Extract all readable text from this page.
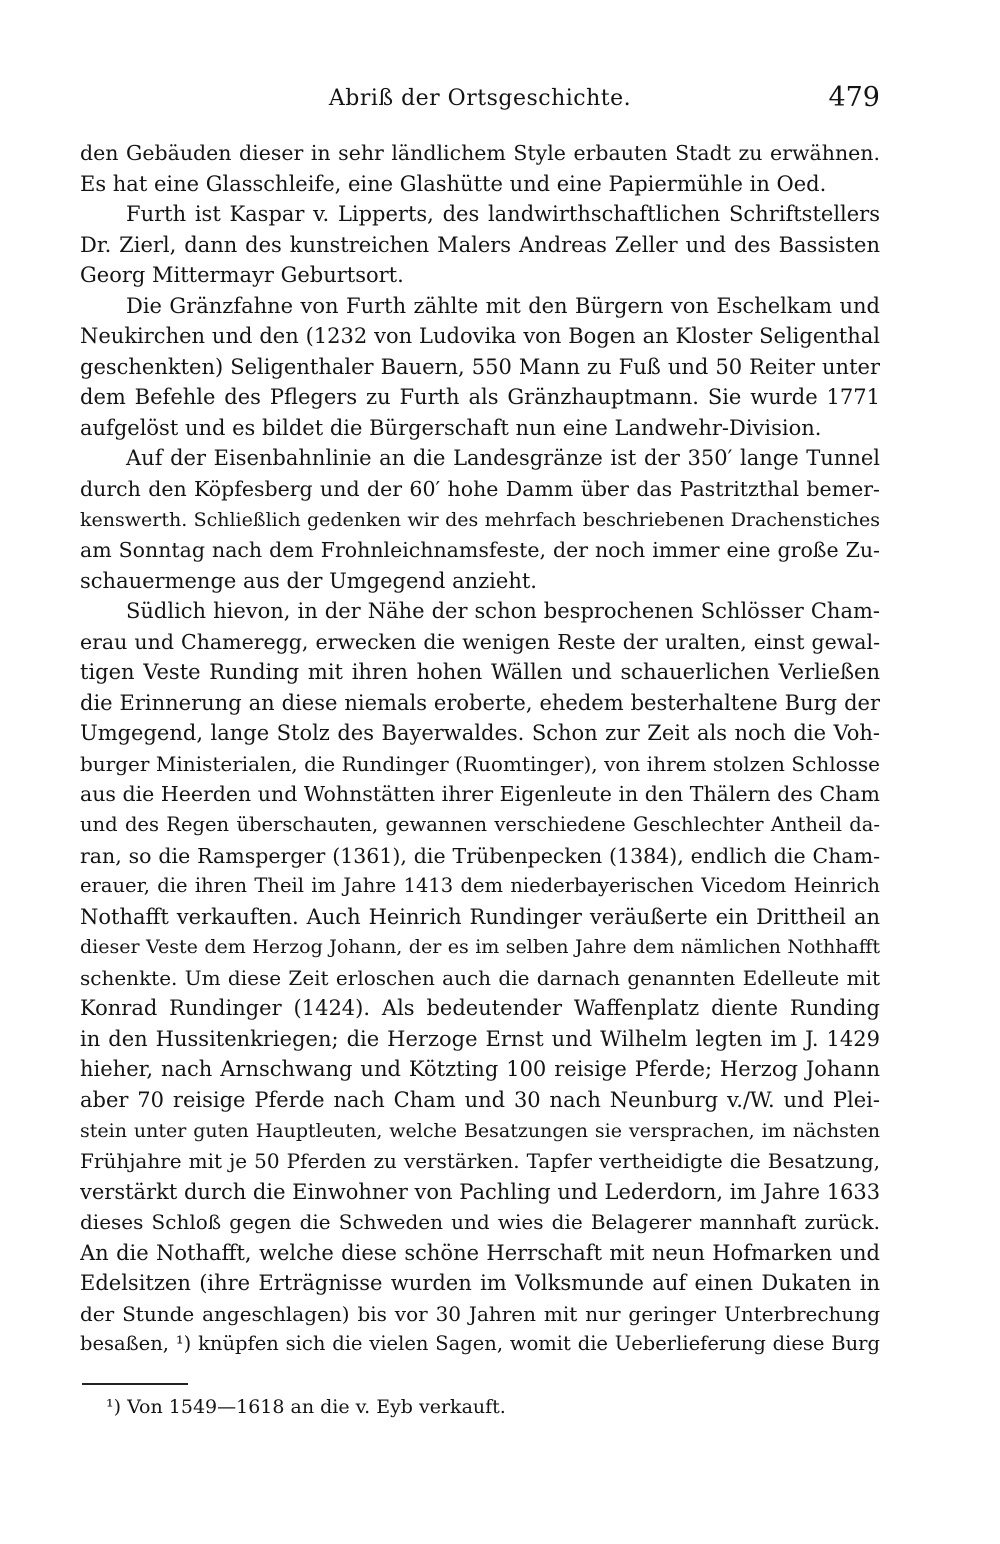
Abriß der Ortsgeschichte.	479
den Gebäuden dieser in sehr ländlichem Style erbauten Stadt zu erwähnen.
Es hat eine Glasschleife, eine Glashütte und eine Papiermühle in Oed.
Furth ist Kaspar v. Lipperts, des landwirthschaftlichen Schriftstellers
Dr. Zierl, dann des kunstreichen Malers Andreas Zeller und des Bassisten
Georg Mittermayr Geburtsort.
Die Gränzfahne von Furth zählte mit den Bürgern von Eschelkam und
Neukirchen und den (1232 von Ludovika von Bogen an Kloster Seligenthal
geschenkten) Seligenthaler Bauern, 550 Mann zu Fuß und 50 Reiter unter
dem Befehle des Pflegers zu Furth als Gränzhauptmann. Sie wurde 1771
aufgelöst und es bildet die Bürgerschaft nun eine Landwehr-Division.
Auf der Eisenbahnlinie an die Landesgränze ist der 350′ lange Tunnel
durch den Köpfesberg und der 60′ hohe Damm über das Pastritzthal bemer-
kenswerth. Schließlich gedenken wir des mehrfach beschriebenen Drachenstiches
am Sonntag nach dem Frohnleichnamsfeste, der noch immer eine große Zu-
schauermenge aus der Umgegend anzieht.
Südlich hievon, in der Nähe der schon besprochenen Schlösser Cham-
erau und Chameregg, erwecken die wenigen Reste der uralten, einst gewal-
tigen Veste Runding mit ihren hohen Wällen und schauerlichen Verließen
die Erinnerung an diese niemals eroberte, ehedem besterhaltene Burg der
Umgegend, lange Stolz des Bayerwaldes. Schon zur Zeit als noch die Voh-
burger Ministerialen, die Rundinger (Ruomtinger), von ihrem stolzen Schlosse
aus die Heerden und Wohnstätten ihrer Eigenleute in den Thälern des Cham
und des Regen überschauten, gewannen verschiedene Geschlechter Antheil da-
ran, so die Ramsperger (1361), die Trübenpecken (1384), endlich die Cham-
erauer, die ihren Theil im Jahre 1413 dem niederbayerischen Vicedom Heinrich
Nothafft verkauften. Auch Heinrich Rundinger veräußerte ein Drittheil an
dieser Veste dem Herzog Johann, der es im selben Jahre dem nämlichen Nothhafft
schenkte. Um diese Zeit erloschen auch die darnach genannten Edelleute mit
Konrad Rundinger (1424). Als bedeutender Waffenplatz diente Runding
in den Hussitenkriegen; die Herzoge Ernst und Wilhelm legten im J. 1429
hieher, nach Arnschwang und Kötzting 100 reisige Pferde; Herzog Johann
aber 70 reisige Pferde nach Cham und 30 nach Neunburg v./W. und Plei-
stein unter guten Hauptleuten, welche Besatzungen sie versprachen, im nächsten
Frühjahre mit je 50 Pferden zu verstärken. Tapfer vertheidigte die Besatzung,
verstärkt durch die Einwohner von Pachling und Lederdorn, im Jahre 1633
dieses Schloß gegen die Schweden und wies die Belagerer mannhaft zurück.
An die Nothafft, welche diese schöne Herrschaft mit neun Hofmarken und
Edelsitzen (ihre Erträgnisse wurden im Volksmunde auf einen Dukaten in
der Stunde angeschlagen) bis vor 30 Jahren mit nur geringer Unterbrechung
besaßen, ¹) knüpfen sich die vielen Sagen, womit die Ueberlieferung diese Burg
¹) Von 1549—1618 an die v. Eyb verkauft.
